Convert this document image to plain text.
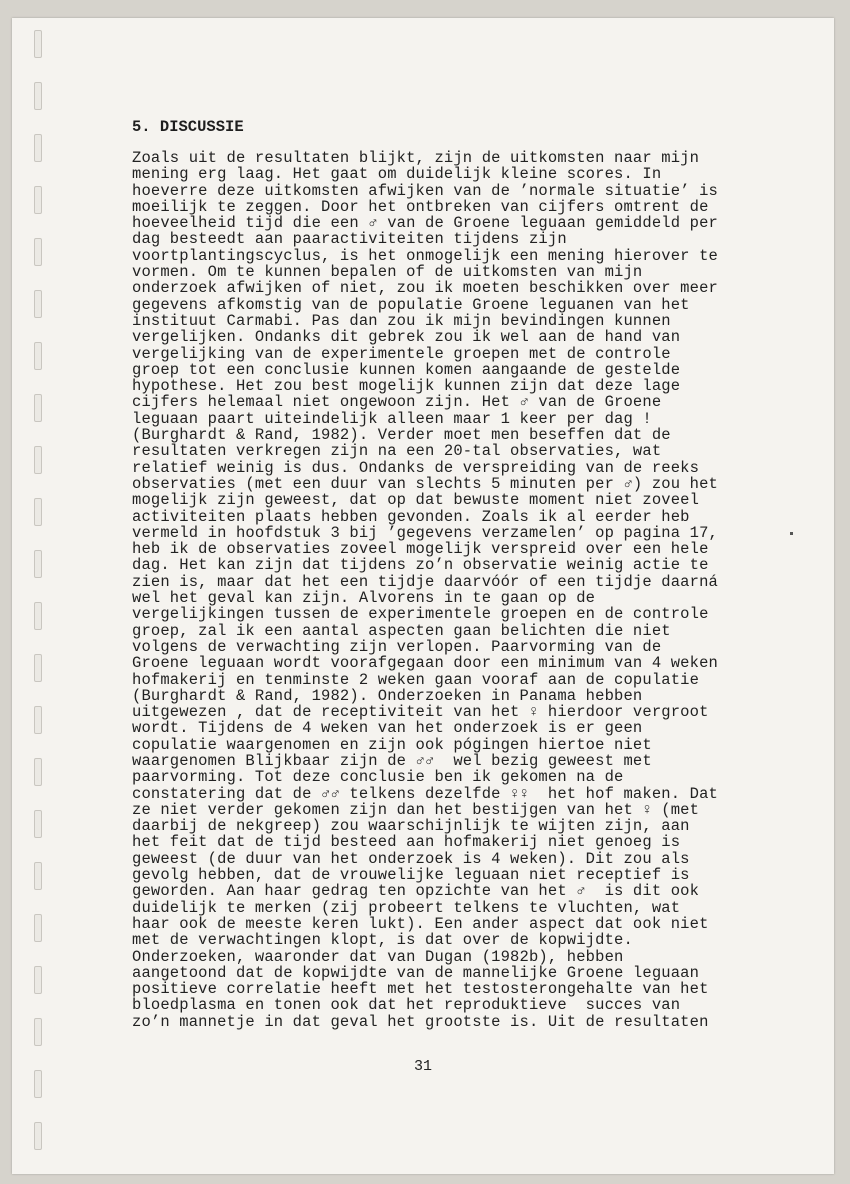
5. DISCUSSIE
Zoals uit de resultaten blijkt, zijn de uitkomsten naar mijn
mening erg laag. Het gaat om duidelijk kleine scores. In
hoeverre deze uitkomsten afwijken van de ’normale situatie’ is
moeilijk te zeggen. Door het ontbreken van cijfers omtrent de
hoeveelheid tijd die een ♂ van de Groene leguaan gemiddeld per
dag besteedt aan paaractiviteiten tijdens zijn
voortplantingscyclus, is het onmogelijk een mening hierover te
vormen. Om te kunnen bepalen of de uitkomsten van mijn
onderzoek afwijken of niet, zou ik moeten beschikken over meer
gegevens afkomstig van de populatie Groene leguanen van het
instituut Carmabi. Pas dan zou ik mijn bevindingen kunnen
vergelijken. Ondanks dit gebrek zou ik wel aan de hand van
vergelijking van de experimentele groepen met de controle
groep tot een conclusie kunnen komen aangaande de gestelde
hypothese. Het zou best mogelijk kunnen zijn dat deze lage
cijfers helemaal niet ongewoon zijn. Het ♂ van de Groene
leguaan paart uiteindelijk alleen maar 1 keer per dag !
(Burghardt & Rand, 1982). Verder moet men beseffen dat de
resultaten verkregen zijn na een 20-tal observaties, wat
relatief weinig is dus. Ondanks de verspreiding van de reeks
observaties (met een duur van slechts 5 minuten per ♂) zou het
mogelijk zijn geweest, dat op dat bewuste moment niet zoveel
activiteiten plaats hebben gevonden. Zoals ik al eerder heb
vermeld in hoofdstuk 3 bij ’gegevens verzamelen’ op pagina 17,
heb ik de observaties zoveel mogelijk verspreid over een hele
dag. Het kan zijn dat tijdens zo’n observatie weinig actie te
zien is, maar dat het een tijdje daarvóór of een tijdje daarná
wel het geval kan zijn. Alvorens in te gaan op de
vergelijkingen tussen de experimentele groepen en de controle
groep, zal ik een aantal aspecten gaan belichten die niet
volgens de verwachting zijn verlopen. Paarvorming van de
Groene leguaan wordt voorafgegaan door een minimum van 4 weken
hofmakerij en tenminste 2 weken gaan vooraf aan de copulatie
(Burghardt & Rand, 1982). Onderzoeken in Panama hebben
uitgewezen , dat de receptiviteit van het ♀ hierdoor vergroot
wordt. Tijdens de 4 weken van het onderzoek is er geen
copulatie waargenomen en zijn ook pógingen hiertoe niet
waargenomen Blijkbaar zijn de ♂♂  wel bezig geweest met
paarvorming. Tot deze conclusie ben ik gekomen na de
constatering dat de ♂♂ telkens dezelfde ♀♀  het hof maken. Dat
ze niet verder gekomen zijn dan het bestijgen van het ♀ (met
daarbij de nekgreep) zou waarschijnlijk te wijten zijn, aan
het feit dat de tijd besteed aan hofmakerij niet genoeg is
geweest (de duur van het onderzoek is 4 weken). Dit zou als
gevolg hebben, dat de vrouwelijke leguaan niet receptief is
geworden. Aan haar gedrag ten opzichte van het ♂  is dit ook
duidelijk te merken (zij probeert telkens te vluchten, wat
haar ook de meeste keren lukt). Een ander aspect dat ook niet
met de verwachtingen klopt, is dat over de kopwijdte.
Onderzoeken, waaronder dat van Dugan (1982b), hebben
aangetoond dat de kopwijdte van de mannelijke Groene leguaan
positieve correlatie heeft met het testosterongehalte van het
bloedplasma en tonen ook dat het reproduktieve  succes van
zo’n mannetje in dat geval het grootste is. Uit de resultaten
31
